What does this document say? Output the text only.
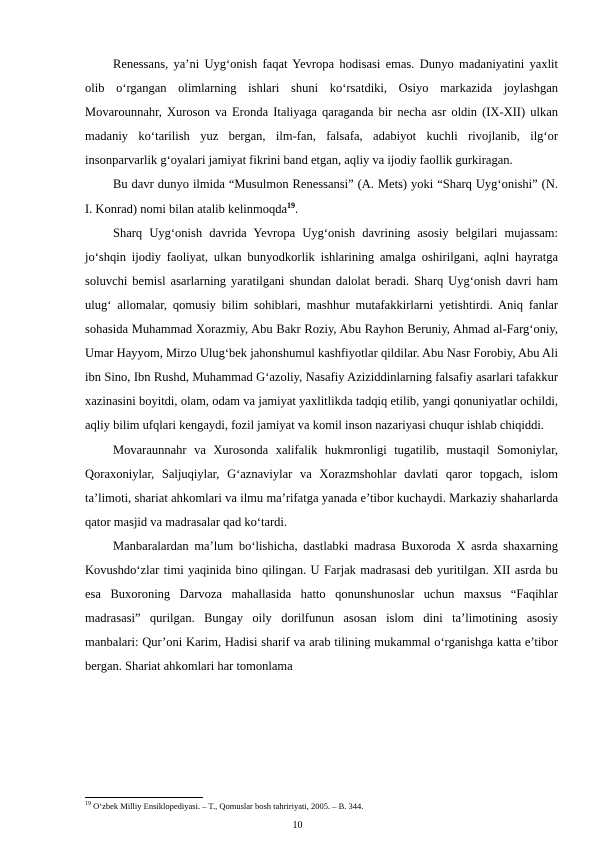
Renessans, ya’ni Uyg‘onish faqat Yevropa hodisasi emas. Dunyo madaniyatini yaxlit olib o‘rgangan olimlarning ishlari shuni ko‘rsatdiki, Osiyo markazida joylashgan Movarounnahr, Xuroson va Eronda Italiyaga qaraganda bir necha asr oldin (IX-XII) ulkan madaniy ko‘tarilish yuz bergan, ilm-fan, falsafa, adabiyot kuchli rivojlanib, ilg‘or insonparvarlik g‘oyalari jamiyat fikrini band etgan, aqliy va ijodiy faollik gurkiragan.

Bu davr dunyo ilmida “Musulmon Renessansi” (A. Mets) yoki “Sharq Uyg‘onishi” (N. I. Konrad) nomi bilan atalib kelinmoqda$^{19}$.

Sharq Uyg‘onish davrida Yevropa Uyg‘onish davrining asosiy belgilari mujassam: jo‘shqin ijodiy faoliyat, ulkan bunyodkorlik ishlarining amalga oshirilgani, aqlni hayratga soluvchi bemisl asarlarning yaratilgani shundan dalolat beradi. Sharq Uyg‘onish davri ham ulug‘ allomalar, qomusiy bilim sohiblari, mashhur mutafakkirlarni yetishtirdi. Aniq fanlar sohasida Muhammad Xorazmiy, Abu Bakr Roziy, Abu Rayhon Beruniy, Ahmad al-Farg‘oniy, Umar Hayyom, Mirzo Ulug‘bek jahonshumul kashfiyotlar qildilar. Abu Nasr Forobiy, Abu Ali ibn Sino, Ibn Rushd, Muhammad G‘azoliy, Nasafiy Aziziddinlarning falsafiy asarlari tafakkur xazinasini boyitdi, olam, odam va jamiyat yaxlitlikda tadqiq etilib, yangi qonuniyatlar ochildi, aqliy bilim ufqlari kengaydi, fozil jamiyat va komil inson nazariyasi chuqur ishlab chiqiddi.

Movaraunnahr va Xurosonda xalifalik hukmronligi tugatilib, mustaqil Somoniylar, Qoraxoniylar, Saljuqiylar, G‘aznaviylar va Xorazmshohlar davlati qaror topgach, islom ta’limoti, shariat ahkomlari va ilmu ma’rifatga yanada e’tibor kuchaydi. Markaziy shaharlarda qator masjid va madrasalar qad ko‘tardi.

Manbaralardan ma’lum bo‘lishicha, dastlabki madrasa Buxoroda X asrda shaxarning Kovushdo‘zlar timi yaqinida bino qilingan. U Farjak madrasasi deb yuritilgan. XII asrda bu esa Buxoroning Darvoza mahallasida hatto qonunshunoslar uchun maxsus “Faqihlar madrasasi” qurilgan. Bungay oily dorilfunun asosan islom dini ta’limotining asosiy manbalari: Qur’oni Karim, Hadisi sharif va arab tilining mukammal o‘rganishga katta e’tibor bergan. Shariat ahkomlari har tomonlama

$^{19}$ O‘zbek Milliy Ensiklopediyasi. – T., Qomuslar bosh tahririyati, 2005. – B. 344.
10
